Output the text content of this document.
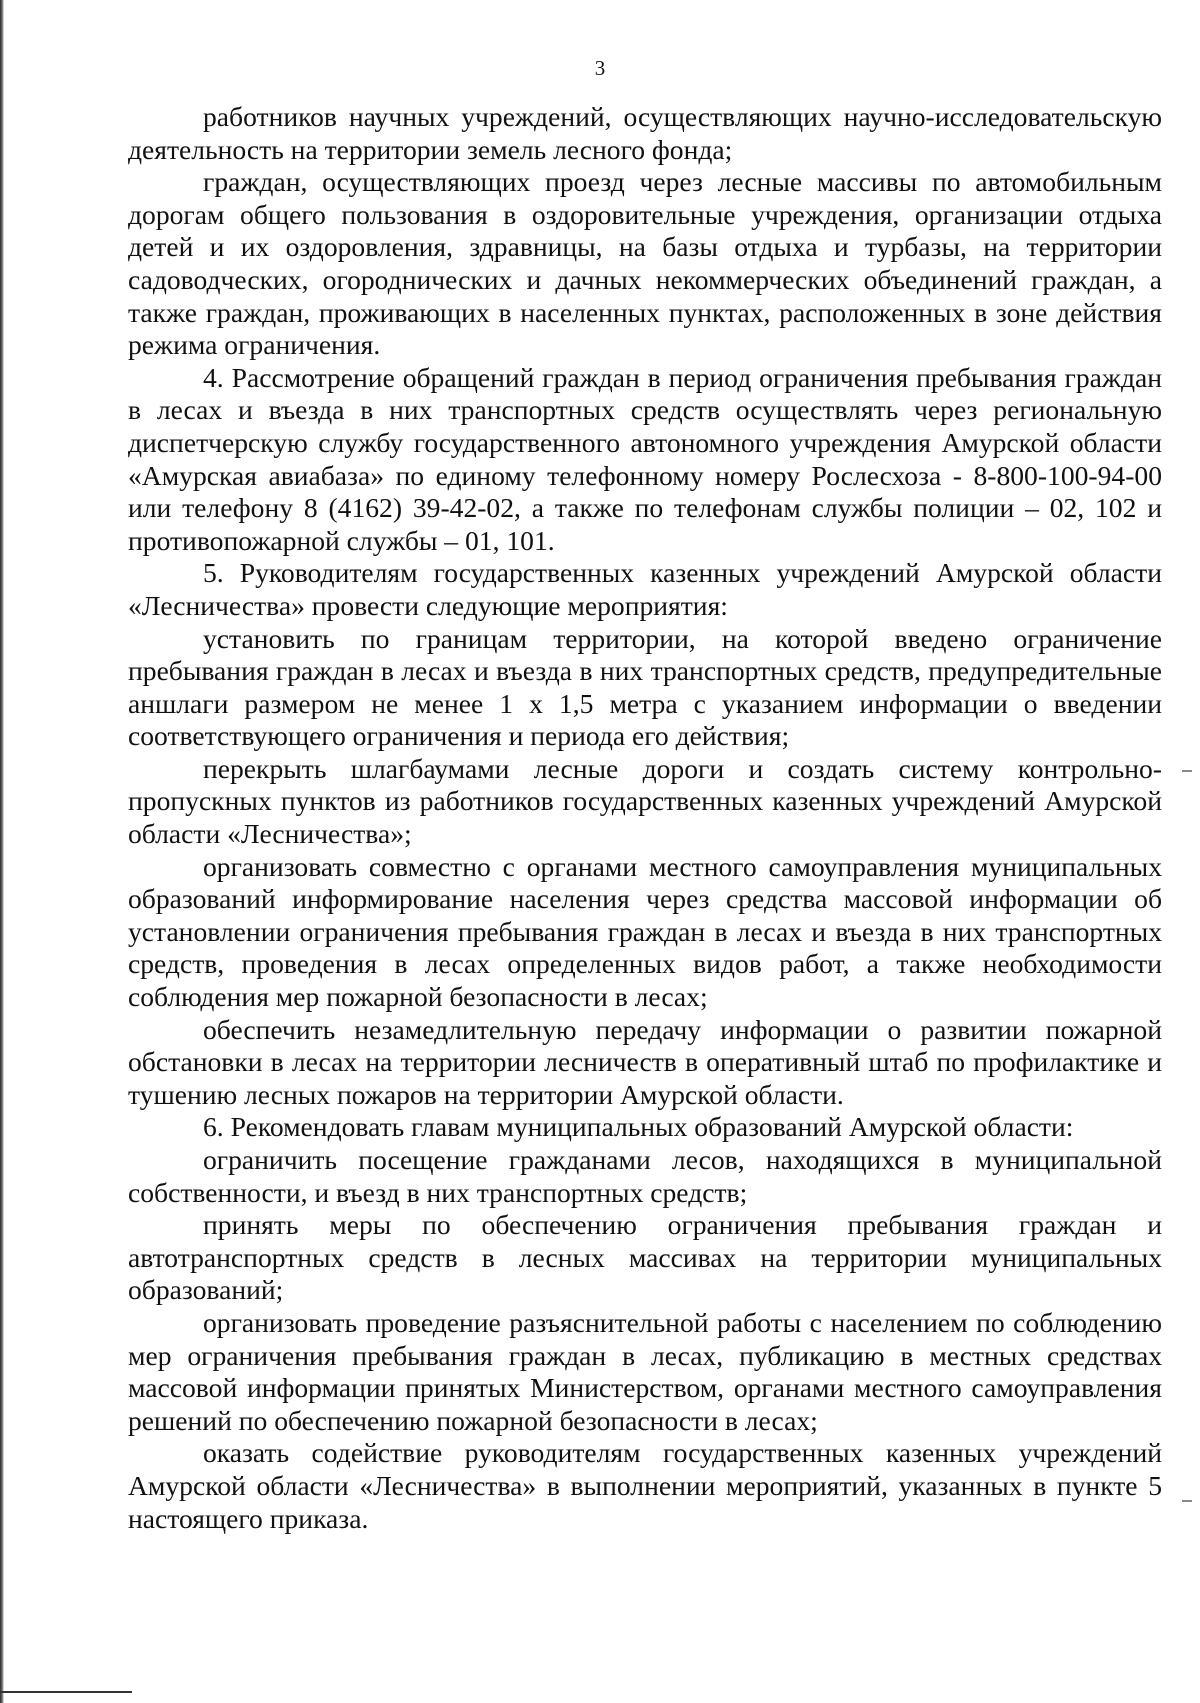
3

работников научных учреждений, осуществляющих научно-исследовательскую деятельность на территории земель лесного фонда;

граждан, осуществляющих проезд через лесные массивы по автомобильным дорогам общего пользования в оздоровительные учреждения, организации отдыха детей и их оздоровления, здравницы, на базы отдыха и турбазы, на территории садоводческих, огороднических и дачных некоммерческих объединений граждан, а также граждан, проживающих в населенных пунктах, расположенных в зоне действия режима ограничения.

4. Рассмотрение обращений граждан в период ограничения пребывания граждан в лесах и въезда в них транспортных средств осуществлять через региональную диспетчерскую службу государственного автономного учреждения Амурской области «Амурская авиабаза» по единому телефонному номеру Рослесхоза - 8-800-100-94-00 или телефону 8 (4162) 39-42-02, а также по телефонам службы полиции – 02, 102 и противопожарной службы – 01, 101.

5. Руководителям государственных казенных учреждений Амурской области «Лесничества» провести следующие мероприятия:

установить по границам территории, на которой введено ограничение пребывания граждан в лесах и въезда в них транспортных средств, предупредительные аншлаги размером не менее 1 х 1,5 метра с указанием информации о введении соответствующего ограничения и периода его действия;

перекрыть шлагбаумами лесные дороги и создать систему контрольно-пропускных пунктов из работников государственных казенных учреждений Амурской области «Лесничества»;

организовать совместно с органами местного самоуправления муниципальных образований информирование населения через средства массовой информации об установлении ограничения пребывания граждан в лесах и въезда в них транспортных средств, проведения в лесах определенных видов работ, а также необходимости соблюдения мер пожарной безопасности в лесах;

обеспечить незамедлительную передачу информации о развитии пожарной обстановки в лесах на территории лесничеств в оперативный штаб по профилактике и тушению лесных пожаров на территории Амурской области.

6. Рекомендовать главам муниципальных образований Амурской области:

ограничить посещение гражданами лесов, находящихся в муниципальной собственности, и въезд в них транспортных средств;

принять меры по обеспечению ограничения пребывания граждан и автотранспортных средств в лесных массивах на территории муниципальных образований;

организовать проведение разъяснительной работы с населением по соблюдению мер ограничения пребывания граждан в лесах, публикацию в местных средствах массовой информации принятых Министерством, органами местного самоуправления решений по обеспечению пожарной безопасности в лесах;

оказать содействие руководителям государственных казенных учреждений Амурской области «Лесничества» в выполнении мероприятий, указанных в пункте 5 настоящего приказа.
